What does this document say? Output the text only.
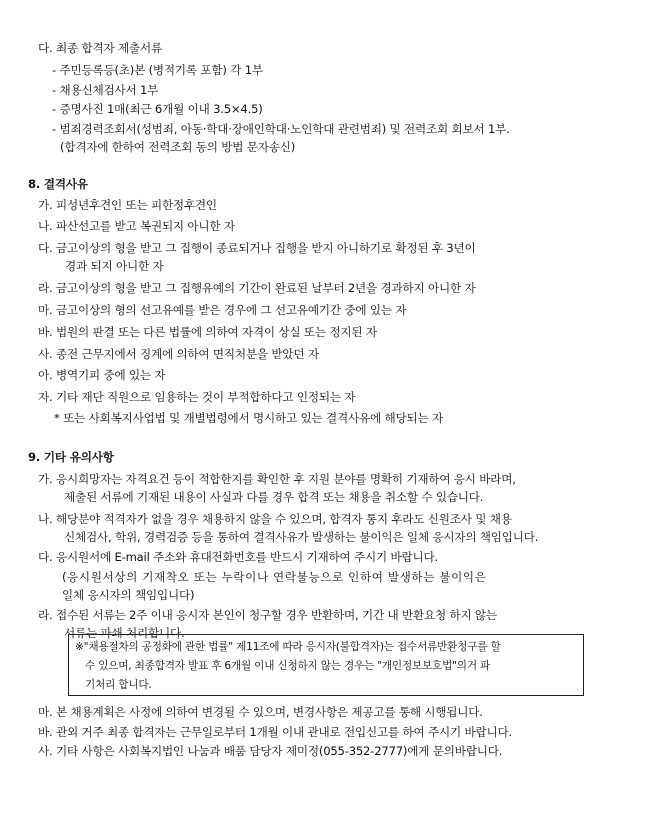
다. 최종 합격자 제출서류
- 주민등록등(초)본 (병적기록 포함) 각 1부
- 채용신체검사서 1부
- 증명사진 1매(최근 6개월 이내 3.5×4.5)
- 범죄경력조회서(성범죄, 아동·학대·장애인학대·노인학대 관련범죄) 및 전력조회 회보서 1부.
(합격자에 한하여 전력조회 동의 방법 문자송신)
8. 결격사유
가. 피성년후견인 또는 피한정후견인
나. 파산선고를 받고 복권되지 아니한 자
다. 금고이상의 형을 받고 그 집행이 종료되거나 집행을 받지 아니하기로 확정된 후 3년이
경과 되지 아니한 자
라. 금고이상의 형을 받고 그 집행유예의 기간이 완료된 날부터 2년을 경과하지 아니한 자
마. 금고이상의 형의 선고유예를 받은 경우에 그 선고유예기간 중에 있는 자
바. 법원의 판결 또는 다른 법률에 의하여 자격이 상실 또는 정지된 자
사. 종전 근무지에서 징계에 의하여 면직처분을 받았던 자
아. 병역기피 중에 있는 자
자. 기타 재단 직원으로 임용하는 것이 부적합하다고 인정되는 자
* 또는 사회복지사업법 및 개별법령에서 명시하고 있는 결격사유에 해당되는 자
9. 기타 유의사항
가. 응시희망자는 자격요건 등이 적합한지를 확인한 후 지원 분야를 명확히 기재하여 응시 바라며,
제출된 서류에 기재된 내용이 사실과 다를 경우 합격 또는 채용을 취소할 수 있습니다.
나. 해당분야 적격자가 없을 경우 채용하지 않을 수 있으며, 합격자 통지 후라도 신원조사 및 채용
신체검사, 학위, 경력검증 등을 통하여 결격사유가 발생하는 불이익은 일체 응시자의 책임입니다.
다. 응시원서에 E-mail 주소와 휴대전화번호를 반드시 기재하여 주시기 바랍니다.
(응시원서상의 기재착오 또는 누락이나 연락불능으로 인하여 발생하는 불이익은
일체 응시자의 책임입니다)
라. 접수된 서류는 2주 이내 응시자 본인이 청구할 경우 반환하며, 기간 내 반환요청 하지 않는
서류는 파쇄 처리합니다.
※"채용절차의 공정화에 관한 법률" 제11조에 따라 응시자(불합격자)는 접수서류반환청구를 할
수 있으며, 최종합격자 발표 후 6개월 이내 신청하지 않는 경우는 "개인정보보호법"의거 파
기처리 합니다.
마. 본 채용계획은 사정에 의하여 변경될 수 있으며, 변경사항은 제공고를 통해 시행됩니다.
바. 관외 거주 최종 합격자는 근무일로부터 1개월 이내 관내로 전입신고를 하여 주시기 바랍니다.
사. 기타 사항은 사회복지법인 나눔과 배품 담당자 제미정(055-352-2777)에게 문의바랍니다.
